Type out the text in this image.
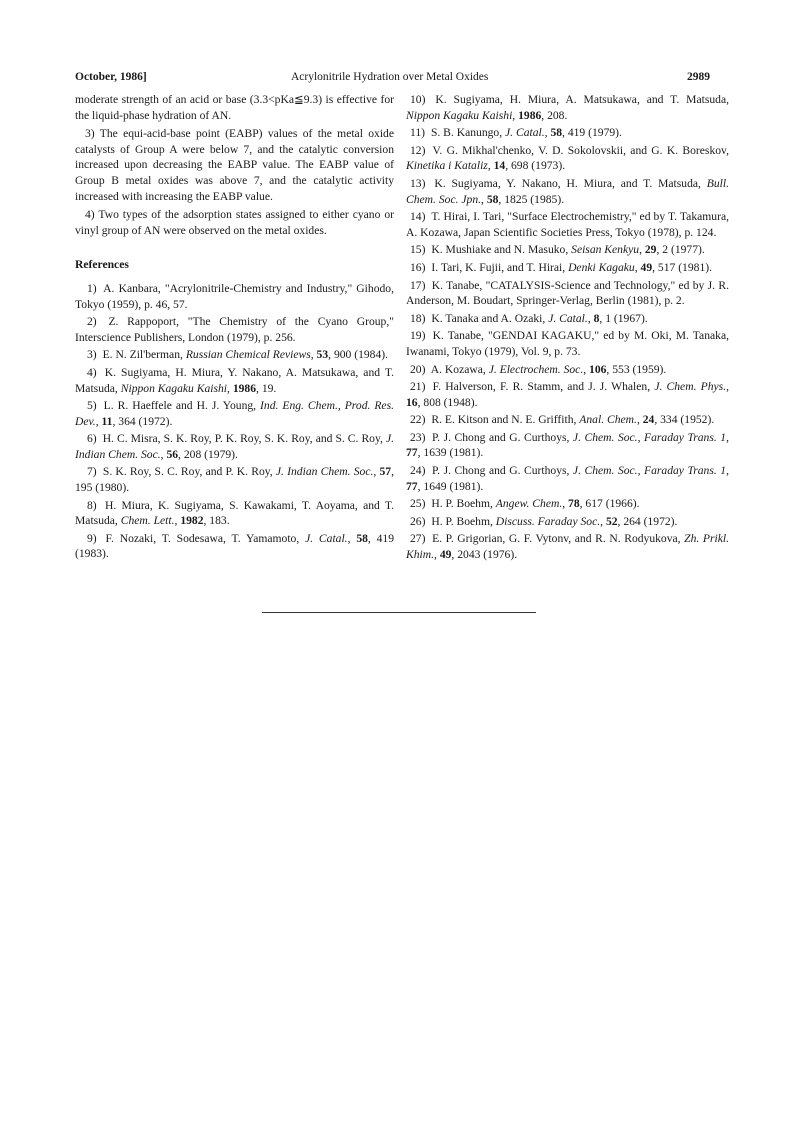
October, 1986]	Acrylonitrile Hydration over Metal Oxides	2989
moderate strength of an acid or base (3.3<pKa≦9.3) is effective for the liquid-phase hydration of AN.
3) The equi-acid-base point (EABP) values of the metal oxide catalysts of Group A were below 7, and the catalytic conversion increased upon decreasing the EABP value. The EABP value of Group B metal oxides was above 7, and the catalytic activity increased with increasing the EABP value.
4) Two types of the adsorption states assigned to either cyano or vinyl group of AN were observed on the metal oxides.
References
1) A. Kanbara, "Acrylonitrile-Chemistry and Industry," Gihodo, Tokyo (1959), p. 46, 57.
2) Z. Rappoport, "The Chemistry of the Cyano Group," Interscience Publishers, London (1979), p. 256.
3) E. N. Zil'berman, Russian Chemical Reviews, 53, 900 (1984).
4) K. Sugiyama, H. Miura, Y. Nakano, A. Matsukawa, and T. Matsuda, Nippon Kagaku Kaishi, 1986, 19.
5) L. R. Haeffele and H. J. Young, Ind. Eng. Chem., Prod. Res. Dev., 11, 364 (1972).
6) H. C. Misra, S. K. Roy, P. K. Roy, S. K. Roy, and S. C. Roy, J. Indian Chem. Soc., 56, 208 (1979).
7) S. K. Roy, S. C. Roy, and P. K. Roy, J. Indian Chem. Soc., 57, 195 (1980).
8) H. Miura, K. Sugiyama, S. Kawakami, T. Aoyama, and T. Matsuda, Chem. Lett., 1982, 183.
9) F. Nozaki, T. Sodesawa, T. Yamamoto, J. Catal., 58, 419 (1983).
10) K. Sugiyama, H. Miura, A. Matsukawa, and T. Matsuda, Nippon Kagaku Kaishi, 1986, 208.
11) S. B. Kanungo, J. Catal., 58, 419 (1979).
12) V. G. Mikhal'chenko, V. D. Sokolovskii, and G. K. Boreskov, Kinetika i Kataliz, 14, 698 (1973).
13) K. Sugiyama, Y. Nakano, H. Miura, and T. Matsuda, Bull. Chem. Soc. Jpn., 58, 1825 (1985).
14) T. Hirai, I. Tari, "Surface Electrochemistry," ed by T. Takamura, A. Kozawa, Japan Scientific Societies Press, Tokyo (1978), p. 124.
15) K. Mushiake and N. Masuko, Seisan Kenkyu, 29, 2 (1977).
16) I. Tari, K. Fujii, and T. Hirai, Denki Kagaku, 49, 517 (1981).
17) K. Tanabe, "CATALYSIS-Science and Technology," ed by J. R. Anderson, M. Boudart, Springer-Verlag, Berlin (1981), p. 2.
18) K. Tanaka and A. Ozaki, J. Catal., 8, 1 (1967).
19) K. Tanabe, "GENDAI KAGAKU," ed by M. Oki, M. Tanaka, Iwanami, Tokyo (1979), Vol. 9, p. 73.
20) A. Kozawa, J. Electrochem. Soc., 106, 553 (1959).
21) F. Halverson, F. R. Stamm, and J. J. Whalen, J. Chem. Phys., 16, 808 (1948).
22) R. E. Kitson and N. E. Griffith, Anal. Chem., 24, 334 (1952).
23) P. J. Chong and G. Curthoys, J. Chem. Soc., Faraday Trans. 1, 77, 1639 (1981).
24) P. J. Chong and G. Curthoys, J. Chem. Soc., Faraday Trans. 1, 77, 1649 (1981).
25) H. P. Boehm, Angew. Chem., 78, 617 (1966).
26) H. P. Boehm, Discuss. Faraday Soc., 52, 264 (1972).
27) E. P. Grigorian, G. F. Vytonv, and R. N. Rodyukova, Zh. Prikl. Khim., 49, 2043 (1976).
